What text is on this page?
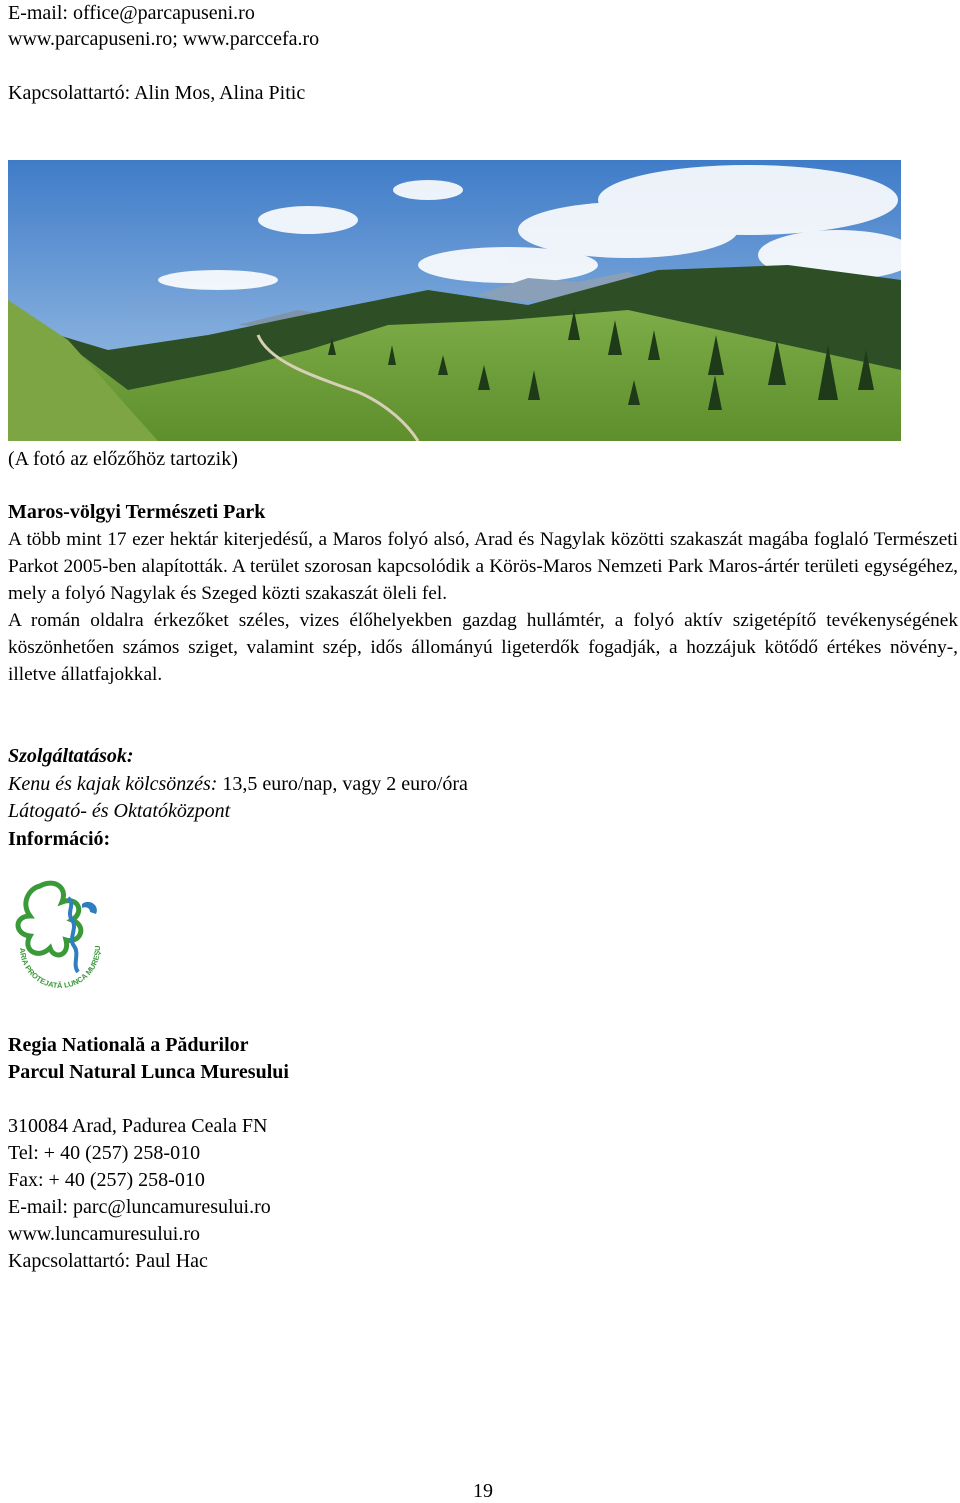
E-mail: office@parcapuseni.ro
www.parcapuseni.ro; www.parccefa.ro
Kapcsolattartó: Alin Mos, Alina Pitic
(A fotó az előzőhöz tartozik)
Maros-völgyi Természeti Park
A több mint 17 ezer hektár kiterjedésű, a Maros folyó alsó, Arad és Nagylak közötti szakaszát magába foglaló Természeti Parkot 2005-ben alapították. A terület szorosan kapcsolódik a Körös-Maros Nemzeti Park Maros-ártér területi egységéhez, mely a folyó Nagylak és Szeged közti szakaszát öleli fel.
A román oldalra érkezőket széles, vizes élőhelyekben gazdag hullámtér, a folyó aktív szigetépítő tevékenységének köszönhetően számos sziget, valamint szép, idős állományú ligeterdők fogadják, a hozzájuk kötődő értékes növény-, illetve állatfajokkal.
Szolgáltatások:
Kenu és kajak kölcsönzés: 13,5 euro/nap, vagy 2 euro/óra
Látogató- és Oktatóközpont
Információ:
ARIA PROTEJATĂ LUNCA MUREŞU
Regia Natională a Pădurilor
Parcul Natural Lunca Muresului
310084 Arad, Padurea Ceala FN
Tel: + 40 (257) 258-010
Fax: + 40 (257) 258-010
E-mail: parc@luncamuresului.ro
www.luncamuresului.ro
Kapcsolattartó: Paul Hac
19
